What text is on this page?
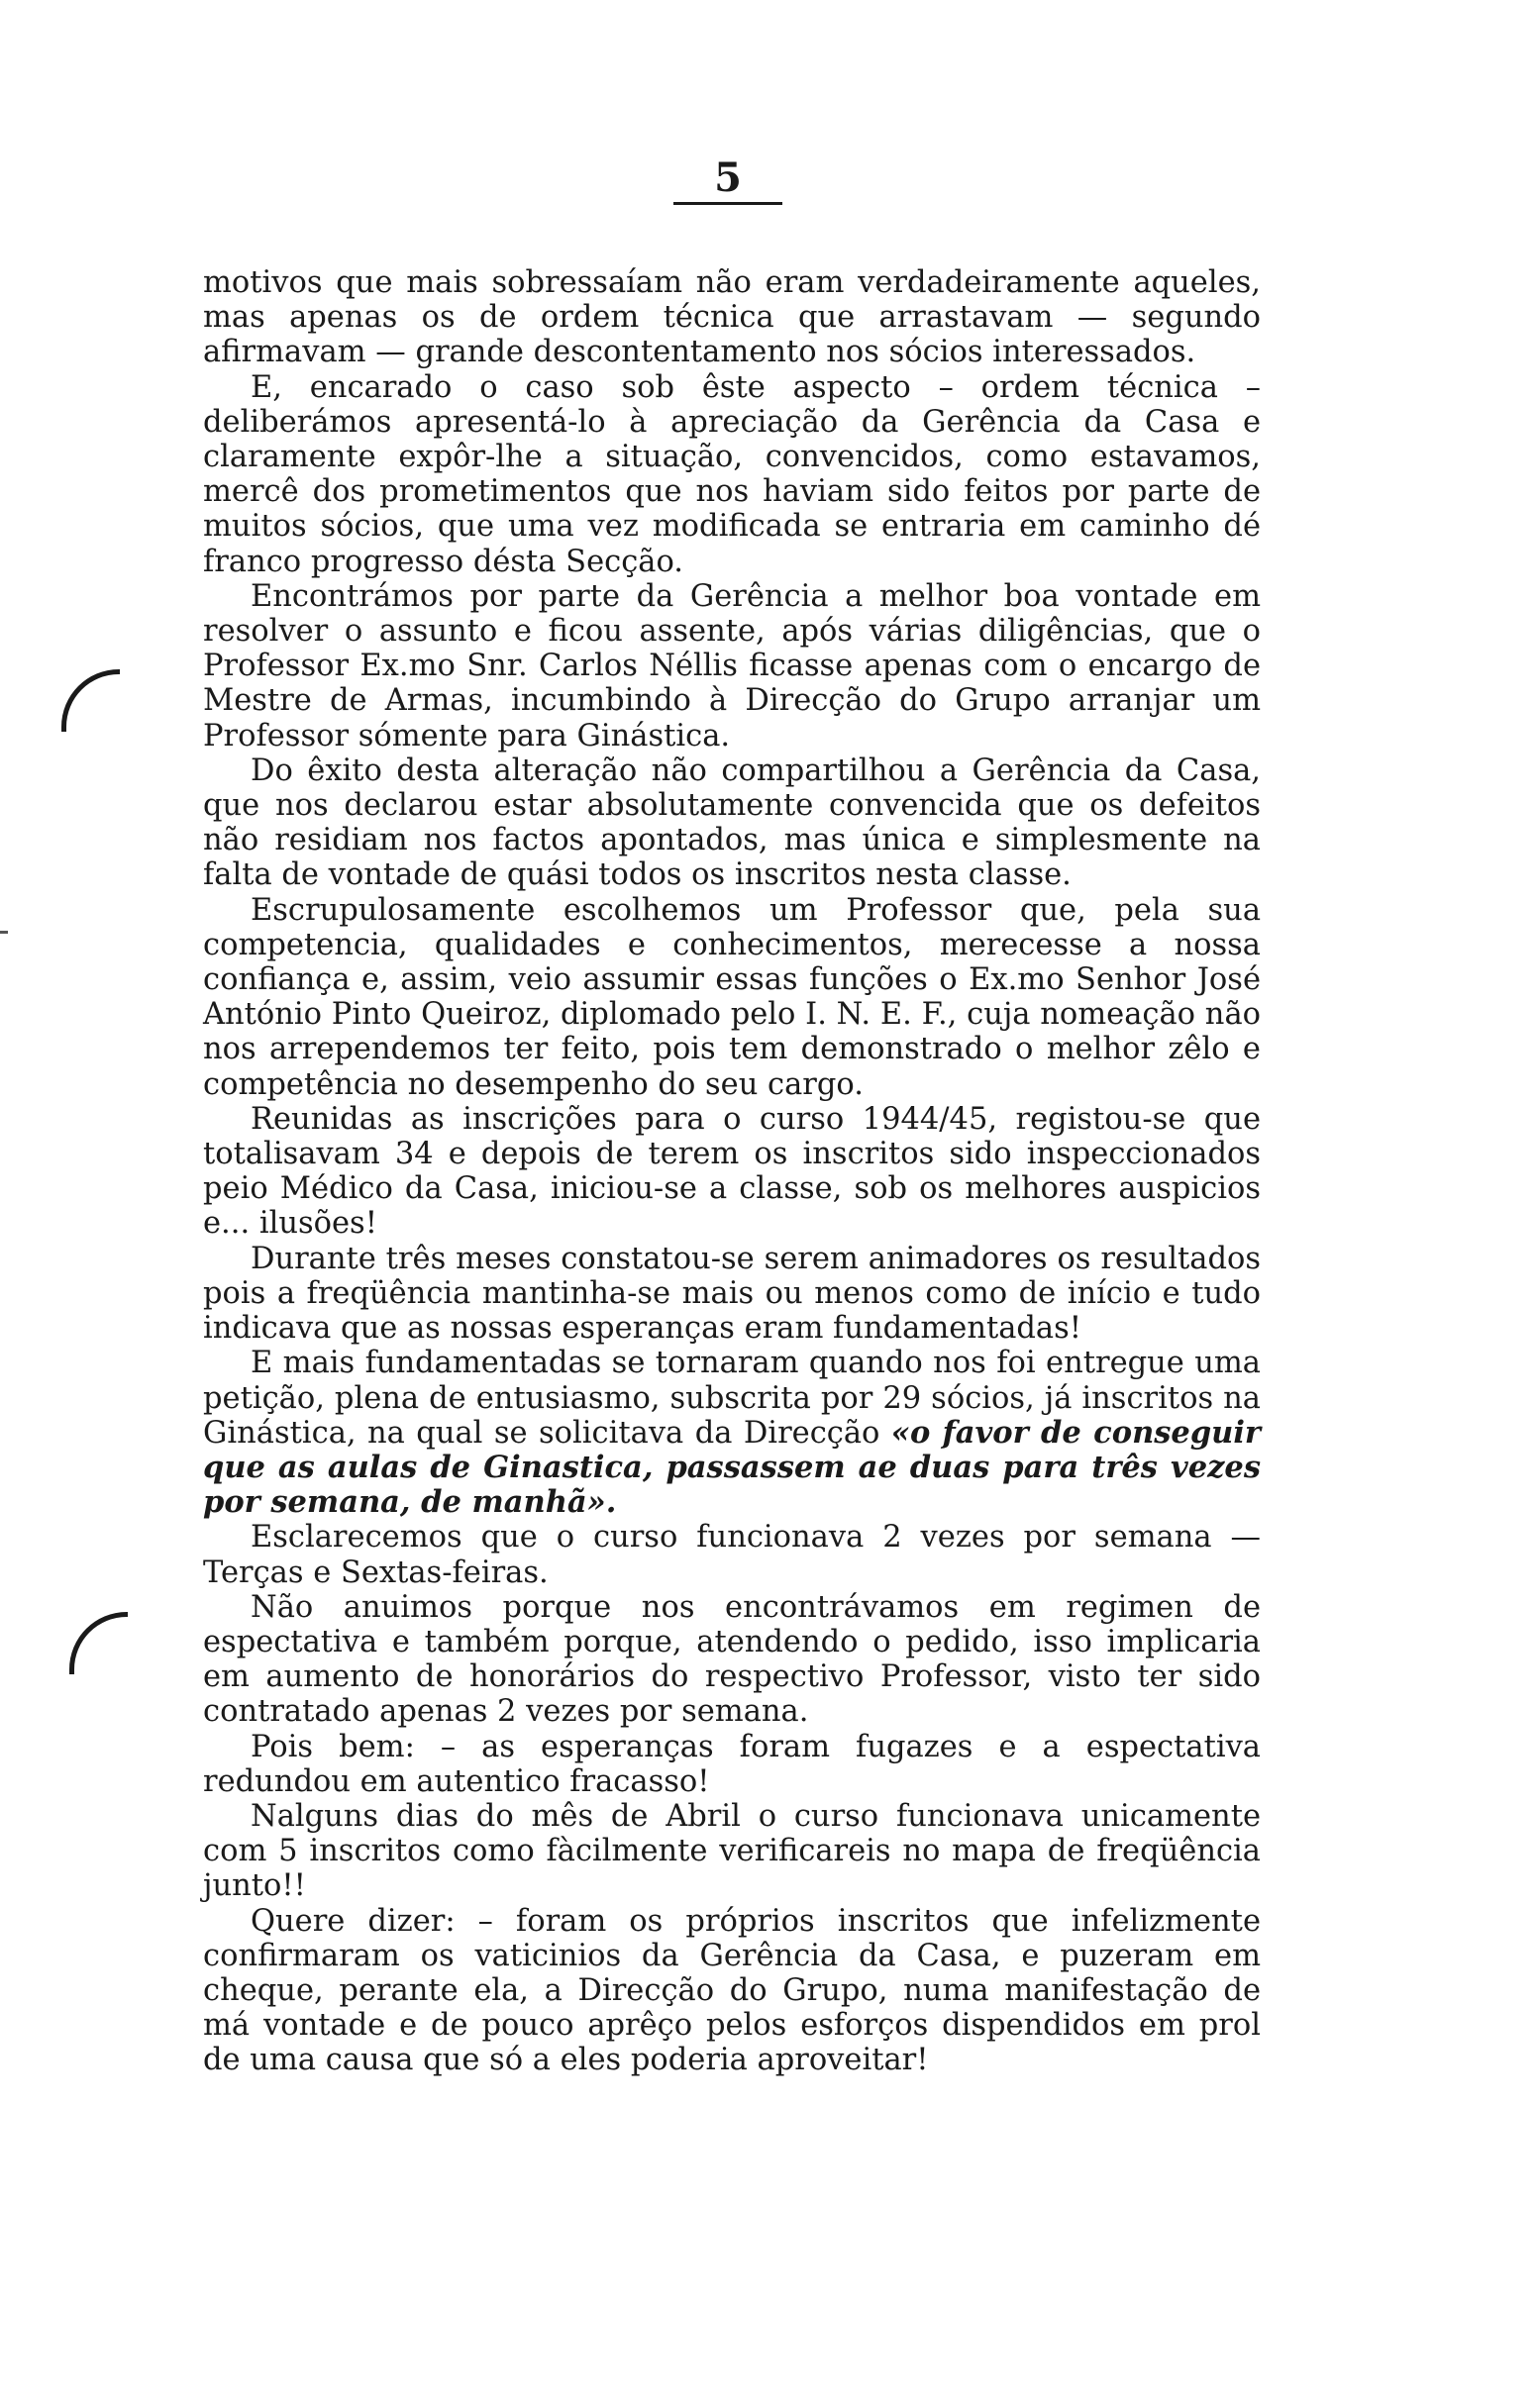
5

motivos que mais sobressaíam não eram verdadeiramente aqueles, mas apenas os de ordem técnica que arrastavam — segundo afirmavam — grande descontentamento nos sócios interessados.

E, encarado o caso sob êste aspecto – ordem técnica – deliberámos apresentá-lo à apreciação da Gerência da Casa e claramente expôr-lhe a situação, convencidos, como estavamos, mercê dos prometimentos que nos haviam sido feitos por parte de muitos sócios, que uma vez modificada se entraria em caminho dé franco progresso désta Secção.

Encontrámos por parte da Gerência a melhor boa vontade em resolver o assunto e ficou assente, após várias diligências, que o Professor Ex.mo Snr. Carlos Néllis ficasse apenas com o encargo de Mestre de Armas, incumbindo à Direcção do Grupo arranjar um Professor sómente para Ginástica.

Do êxito desta alteração não compartilhou a Gerência da Casa, que nos declarou estar absolutamente convencida que os defeitos não residiam nos factos apontados, mas única e simplesmente na falta de vontade de quási todos os inscritos nesta classe.

Escrupulosamente escolhemos um Professor que, pela sua competencia, qualidades e conhecimentos, merecesse a nossa confiança e, assim, veio assumir essas funções o Ex.mo Senhor José António Pinto Queiroz, diplomado pelo I. N. E. F., cuja nomeação não nos arrependemos ter feito, pois tem demonstrado o melhor zêlo e competência no desempenho do seu cargo.

Reunidas as inscrições para o curso 1944/45, registou-se que totalisavam 34 e depois de terem os inscritos sido inspeccionados peio Médico da Casa, iniciou-se a classe, sob os melhores auspicios e... ilusões!

Durante três meses constatou-se serem animadores os resultados pois a freqüência mantinha-se mais ou menos como de início e tudo indicava que as nossas esperanças eram fundamentadas!

E mais fundamentadas se tornaram quando nos foi entregue uma petição, plena de entusiasmo, subscrita por 29 sócios, já inscritos na Ginástica, na qual se solicitava da Direcção «o favor de conseguir que as aulas de Ginastica, passassem ae duas para três vezes por semana, de manhã».

Esclarecemos que o curso funcionava 2 vezes por semana — Terças e Sextas-feiras.

Não anuimos porque nos encontrávamos em regimen de espectativa e também porque, atendendo o pedido, isso implicaria em aumento de honorários do respectivo Professor, visto ter sido contratado apenas 2 vezes por semana.

Pois bem: – as esperanças foram fugazes e a espectativa redundou em autentico fracasso!

Nalguns dias do mês de Abril o curso funcionava unicamente com 5 inscritos como fàcilmente verificareis no mapa de freqüência junto!!

Quere dizer: – foram os próprios inscritos que infelizmente confirmaram os vaticinios da Gerência da Casa, e puzeram em cheque, perante ela, a Direcção do Grupo, numa manifestação de má vontade e de pouco aprêço pelos esforços dispendidos em prol de uma causa que só a eles poderia aproveitar!
